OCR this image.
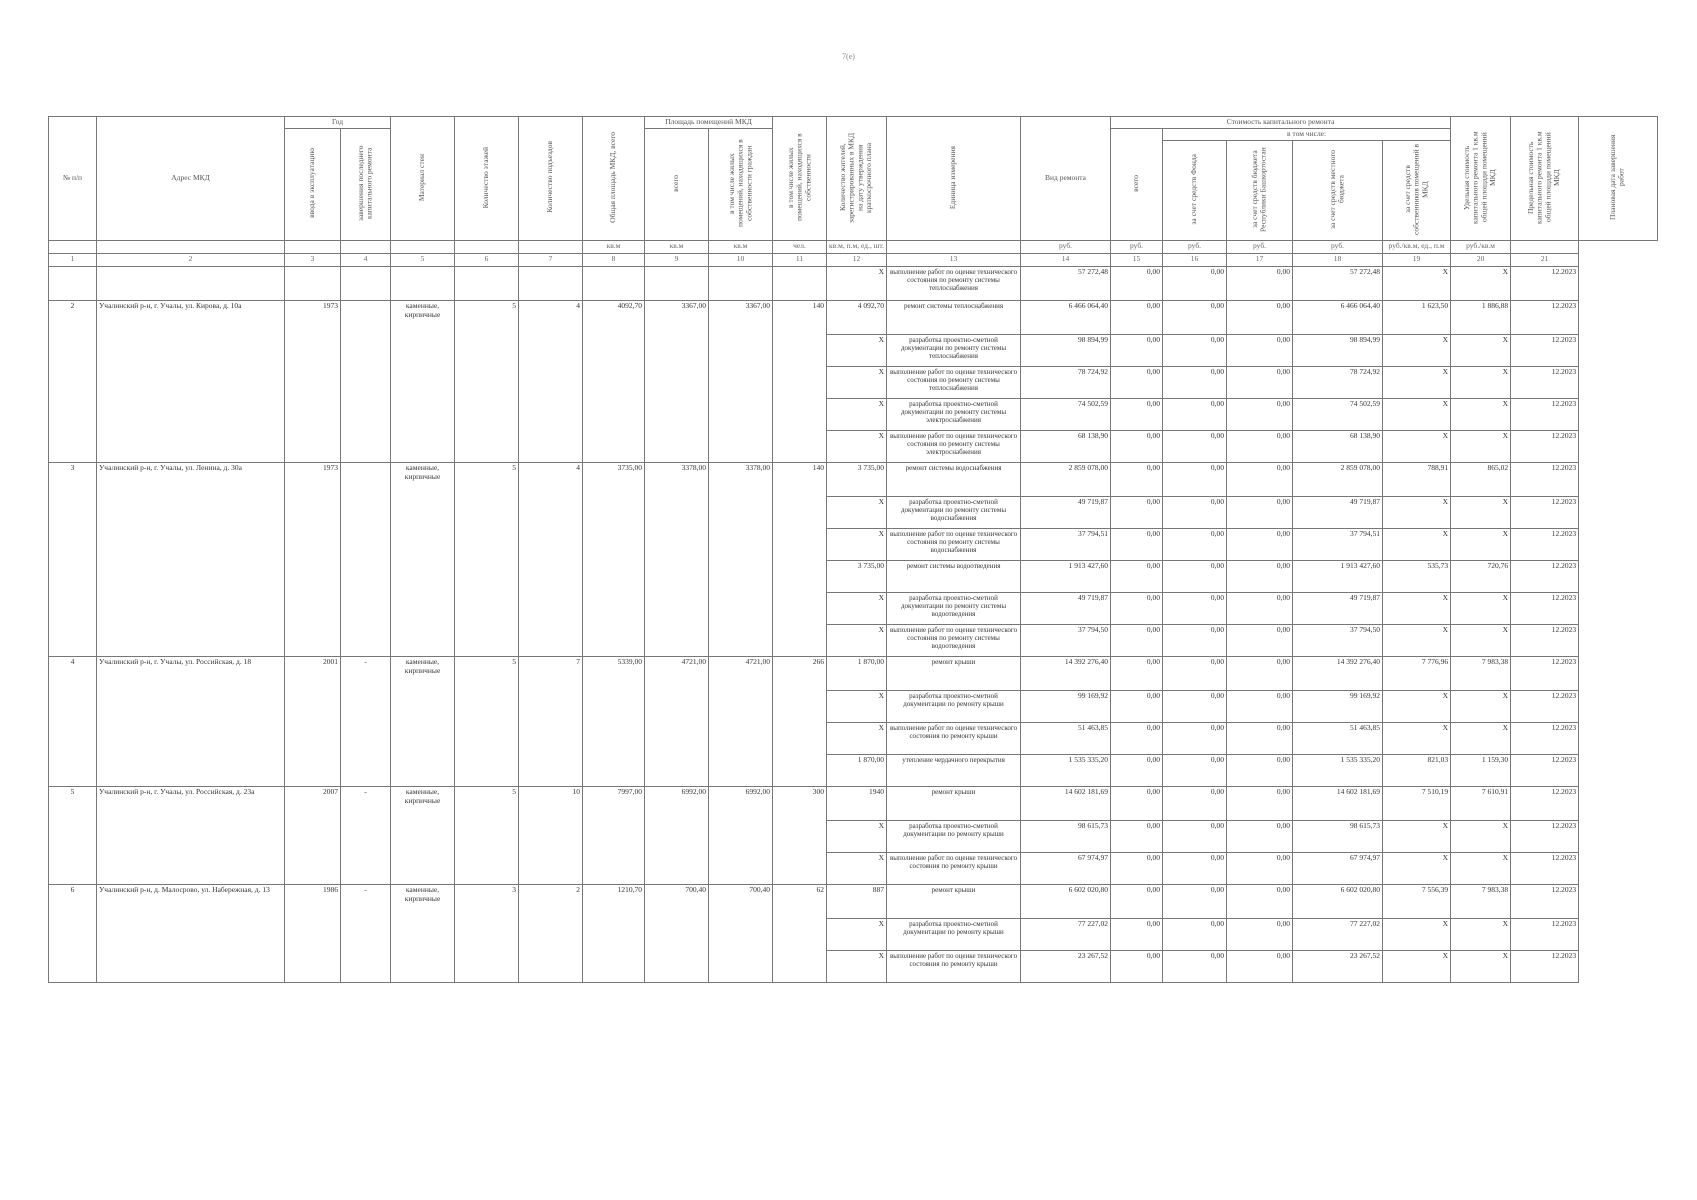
7(e)
№ п/п	Адрес МКД	Год		Материал стен	Количество этажей	Количество подъездов	Общая площадь МКД, всего	Площадь помещений МКД		в том числе жилых помещений, находящихся в собственности	Количество жителей, зарегистрированных в МКД на дату утверждения краткосрочного плана	Единица измерения	Вид ремонта	Стоимость капитального ремонта					Удельная стоимость капитального ремонта 1 кв.м общей площади помещений МКД	Предельная стоимость капитального ремонта 1 кв.м общей площади помещений МКД	Плановая дата завершения работ
		ввода в эксплуатацию	завершения последнего капитального ремонта					всего	в том числе жилых помещений, находящихся в собственности граждан					всего	в том числе:						
															за счет средств Фонда	за счет средств бюджета Республики Башкортостан	за счет средств местного бюджета	за счет средств собственников помещений в МКД			
							кв.м	кв.м	кв.м	чел.	кв.м, п.м, ед., шт.		руб.	руб.	руб.	руб.	руб.	руб./кв.м, ед., п.м	руб./кв.м		
1	2	3	4	5	6	7	8	9	10	11	12	13	14	15	16	17	18	19	20	21	
											X	выполнение работ по оценке технического состояния по ремонту системы теплоснабжения	57 272,48	0,00	0,00	0,00	57 272,48	X	X	12.2023	
2	Учалинский р-н, г. Учалы, ул. Кирова, д. 10а	1973		каменные, кирпичные	5	4	4092,70	3367,00	3367,00	140	4 092,70	ремонт системы теплоснабжения	6 466 064,40	0,00	0,00	0,00	6 466 064,40	1 623,50	1 886,88	12.2023	
											X	разработка проектно-сметной документации по ремонту системы теплоснабжения	98 894,99	0,00	0,00	0,00	98 894,99	X	X	12.2023	
											X	выполнение работ по оценке технического состояния по ремонту системы теплоснабжения	78 724,92	0,00	0,00	0,00	78 724,92	X	X	12.2023	
											X	разработка проектно-сметной документации по ремонту системы электроснабжения	74 502,59	0,00	0,00	0,00	74 502,59	X	X	12.2023	
											X	выполнение работ по оценке технического состояния по ремонту системы электроснабжения	68 138,90	0,00	0,00	0,00	68 138,90	X	X	12.2023	
3	Учалинский р-н, г. Учалы, ул. Ленина, д. 30а	1973		каменные, кирпичные	5	4	3735,00	3378,00	3378,00	140	3 735,00	ремонт системы водоснабжения	2 859 078,00	0,00	0,00	0,00	2 859 078,00	788,91	865,02	12.2023	
											X	разработка проектно-сметной документации по ремонту системы водоснабжения	49 719,87	0,00	0,00	0,00	49 719,87	X	X	12.2023	
											X	выполнение работ по оценке технического состояния по ремонту системы водоснабжения	37 794,51	0,00	0,00	0,00	37 794,51	X	X	12.2023	
											3 735,00	ремонт системы водоотведения	1 913 427,60	0,00	0,00	0,00	1 913 427,60	535,73	720,76	12.2023	
											X	разработка проектно-сметной документации по ремонту системы водоотведения	49 719,87	0,00	0,00	0,00	49 719,87	X	X	12.2023	
											X	выполнение работ по оценке технического состояния по ремонту системы водоотведения	37 794,50	0,00	0,00	0,00	37 794,50	X	X	12.2023	
4	Учалинский р-н, г. Учалы, ул. Российская, д. 18	2001	-	каменные, кирпичные	5	7	5339,00	4721,00	4721,00	266	1 870,00	ремонт крыши	14 392 276,40	0,00	0,00	0,00	14 392 276,40	7 776,96	7 983,38	12.2023	
											X	разработка проектно-сметной документации по ремонту крыши	99 169,92	0,00	0,00	0,00	99 169,92	X	X	12.2023	
											X	выполнение работ по оценке технического состояния по ремонту крыши	51 463,85	0,00	0,00	0,00	51 463,85	X	X	12.2023	
											1 870,00	утепление чердачного перекрытия	1 535 335,20	0,00	0,00	0,00	1 535 335,20	821,03	1 159,30	12.2023	
5	Учалинский р-н, г. Учалы, ул. Российская, д. 23а	2007	-	каменные, кирпичные	5	10	7997,00	6992,00	6992,00	300	1940	ремонт крыши	14 602 181,69	0,00	0,00	0,00	14 602 181,69	7 510,19	7 610,91	12.2023	
											X	разработка проектно-сметной документации по ремонту крыши	98 615,73	0,00	0,00	0,00	98 615,73	X	X	12.2023	
											X	выполнение работ по оценке технического состояния по ремонту крыши	67 974,97	0,00	0,00	0,00	67 974,97	X	X	12.2023	
6	Учалинский р-н, д. Малосрово, ул. Набережная, д. 13	1986	-	каменные, кирпичные	3	2	1210,70	700,40	700,40	62	887	ремонт крыши	6 602 020,80	0,00	0,00	0,00	6 602 020,80	7 556,39	7 983,38	12.2023	
											X	разработка проектно-сметной документации по ремонту крыши	77 227,02	0,00	0,00	0,00	77 227,02	X	X	12.2023	
											X	выполнение работ по оценке технического состояния по ремонту крыши	23 267,52	0,00	0,00	0,00	23 267,52	X	X	12.2023	
